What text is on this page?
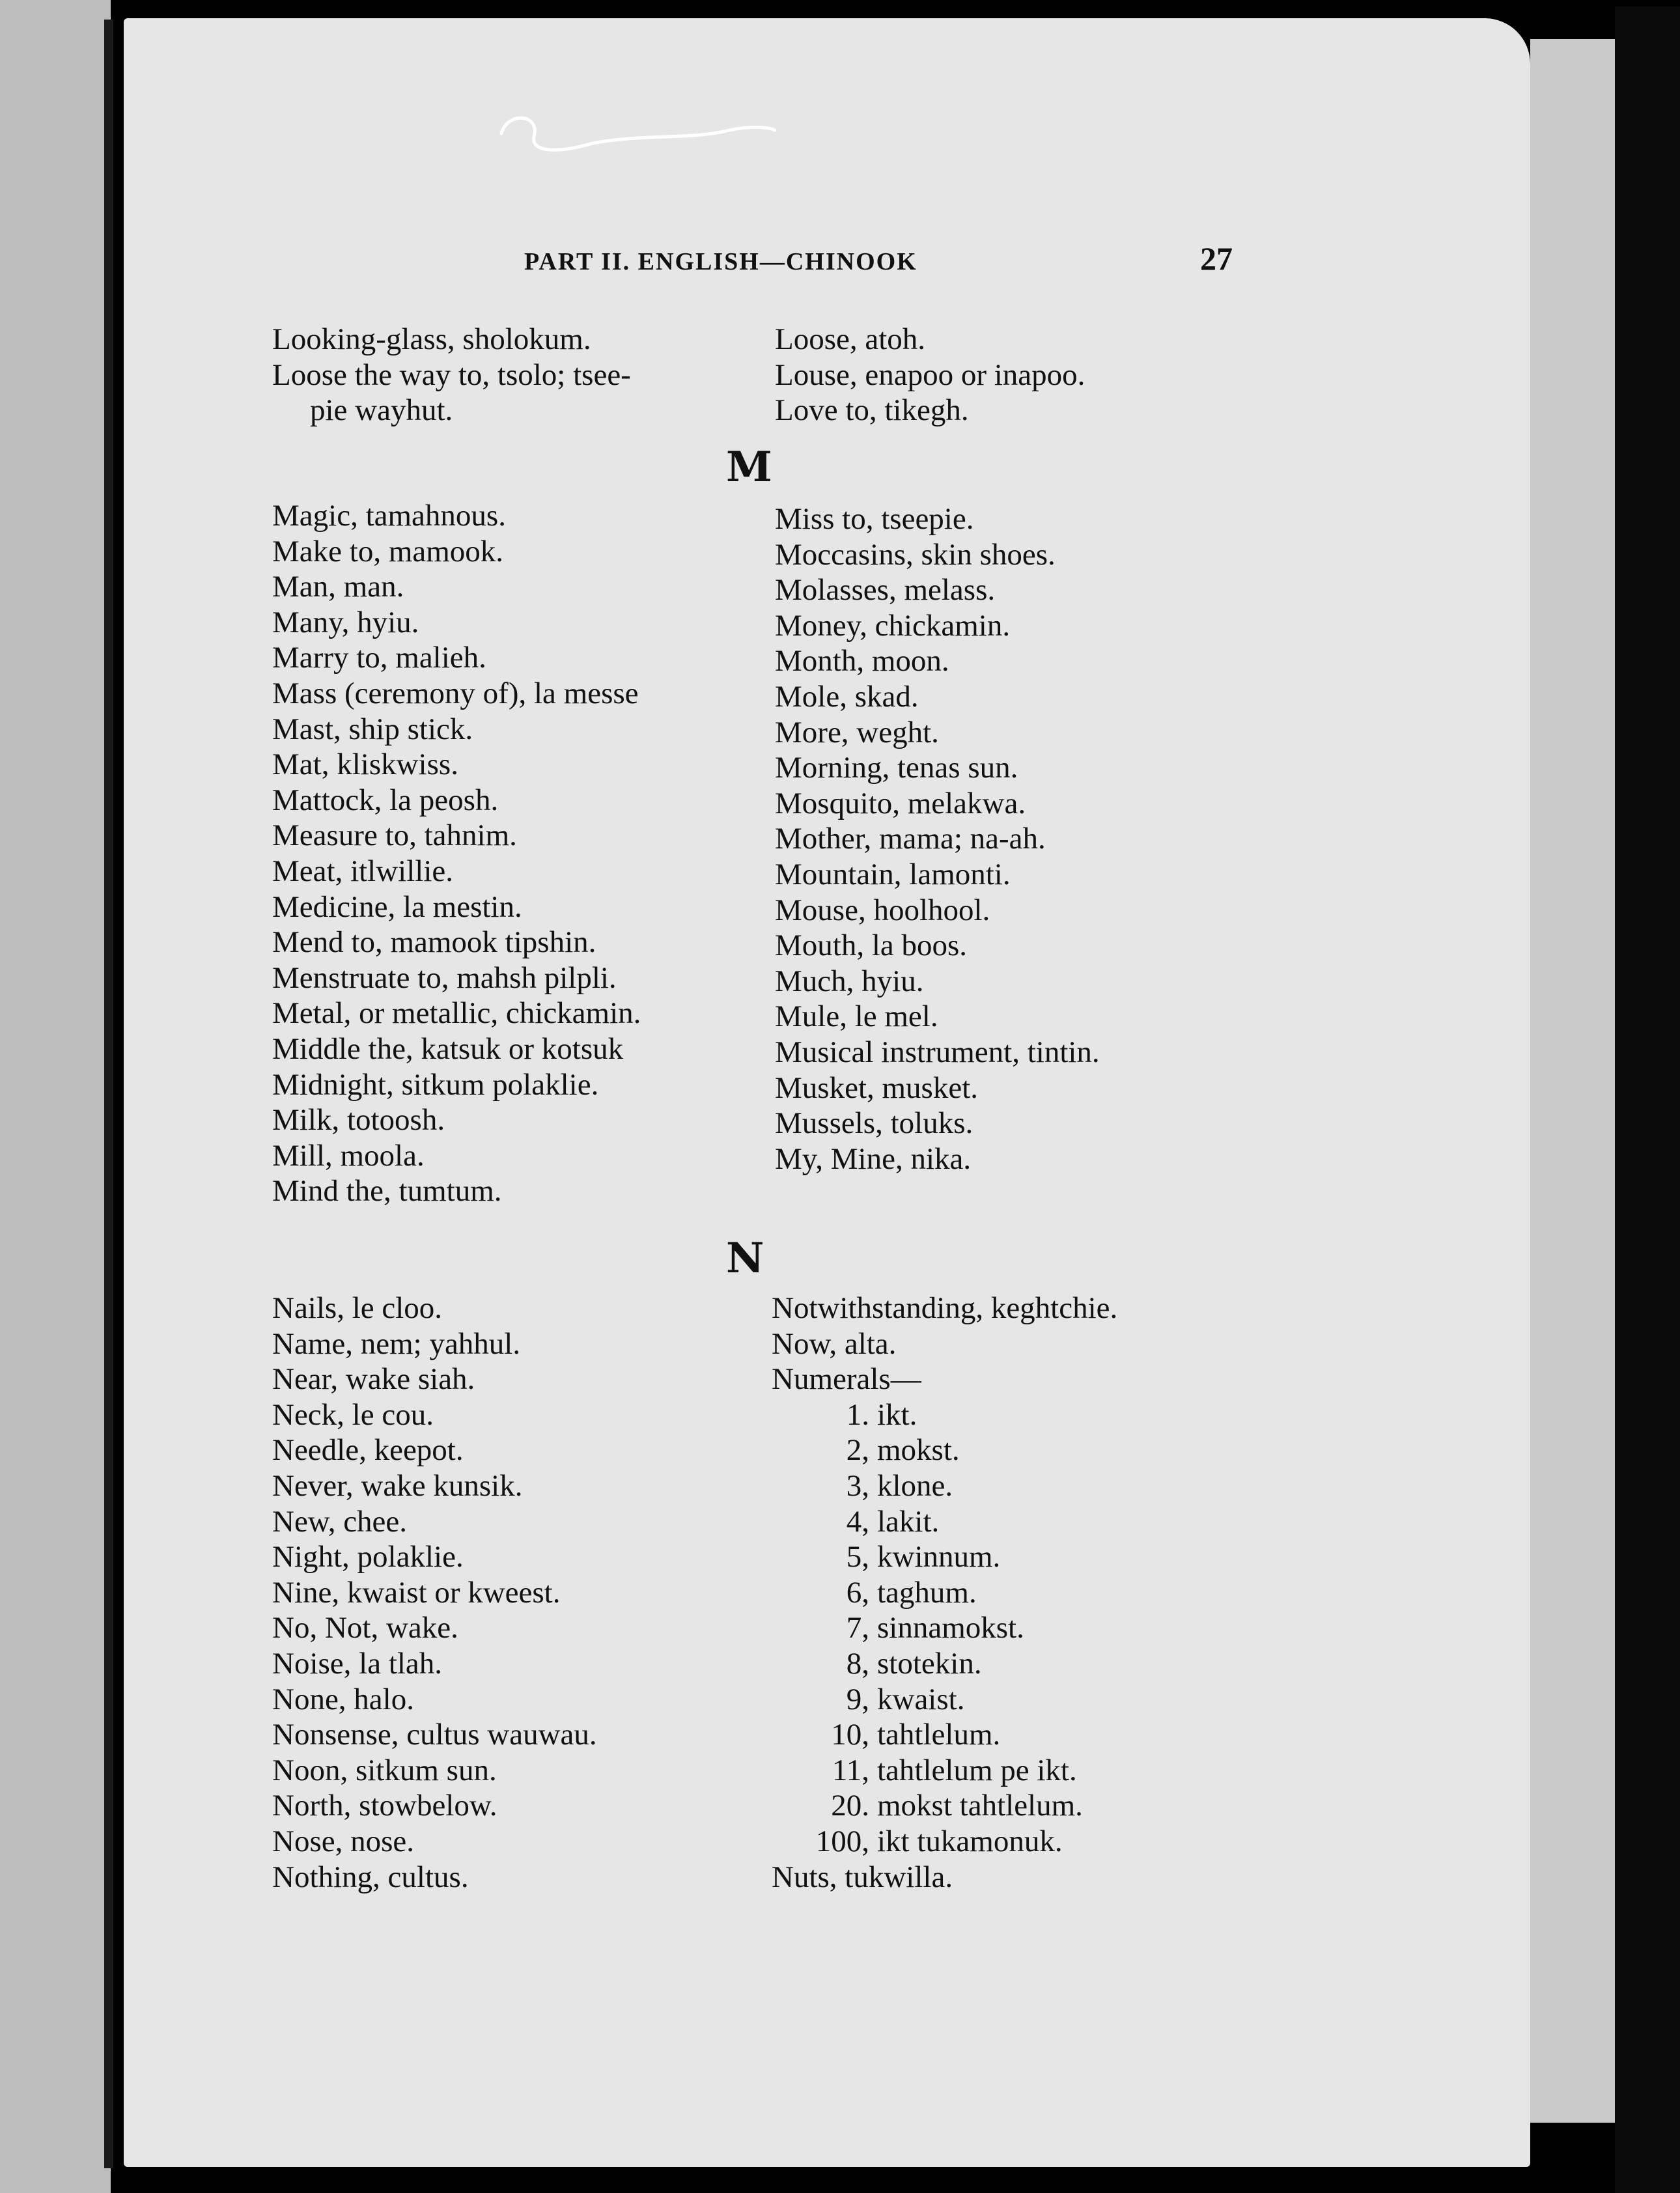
PART II. ENGLISH—CHINOOK	27
Looking-glass, sholokum.
Loose the way to, tsolo; tsee-
pie wayhut.
Loose, atoh.
Louse, enapoo or inapoo.
Love to, tikegh.
M
Magic, tamahnous.
Make to, mamook.
Man, man.
Many, hyiu.
Marry to, malieh.
Mass (ceremony of), la messe
Mast, ship stick.
Mat, kliskwiss.
Mattock, la peosh.
Measure to, tahnim.
Meat, itlwillie.
Medicine, la mestin.
Mend to, mamook tipshin.
Menstruate to, mahsh pilpli.
Metal, or metallic, chickamin.
Middle the, katsuk or kotsuk
Midnight, sitkum polaklie.
Milk, totoosh.
Mill, moola.
Mind the, tumtum.
Miss to, tseepie.
Moccasins, skin shoes.
Molasses, melass.
Money, chickamin.
Month, moon.
Mole, skad.
More, weght.
Morning, tenas sun.
Mosquito, melakwa.
Mother, mama; na-ah.
Mountain, lamonti.
Mouse, hoolhool.
Mouth, la boos.
Much, hyiu.
Mule, le mel.
Musical instrument, tintin.
Musket, musket.
Mussels, toluks.
My, Mine, nika.
N
Nails, le cloo.
Name, nem; yahhul.
Near, wake siah.
Neck, le cou.
Needle, keepot.
Never, wake kunsik.
New, chee.
Night, polaklie.
Nine, kwaist or kweest.
No, Not, wake.
Noise, la tlah.
None, halo.
Nonsense, cultus wauwau.
Noon, sitkum sun.
North, stowbelow.
Nose, nose.
Nothing, cultus.
Notwithstanding, keghtchie.
Now, alta.
Numerals—
1. ikt.
2, mokst.
3, klone.
4, lakit.
5, kwinnum.
6, taghum.
7, sinnamokst.
8, stotekin.
9, kwaist.
10, tahtlelum.
11, tahtlelum pe ikt.
20. mokst tahtlelum.
100, ikt tukamonuk.
Nuts, tukwilla.
